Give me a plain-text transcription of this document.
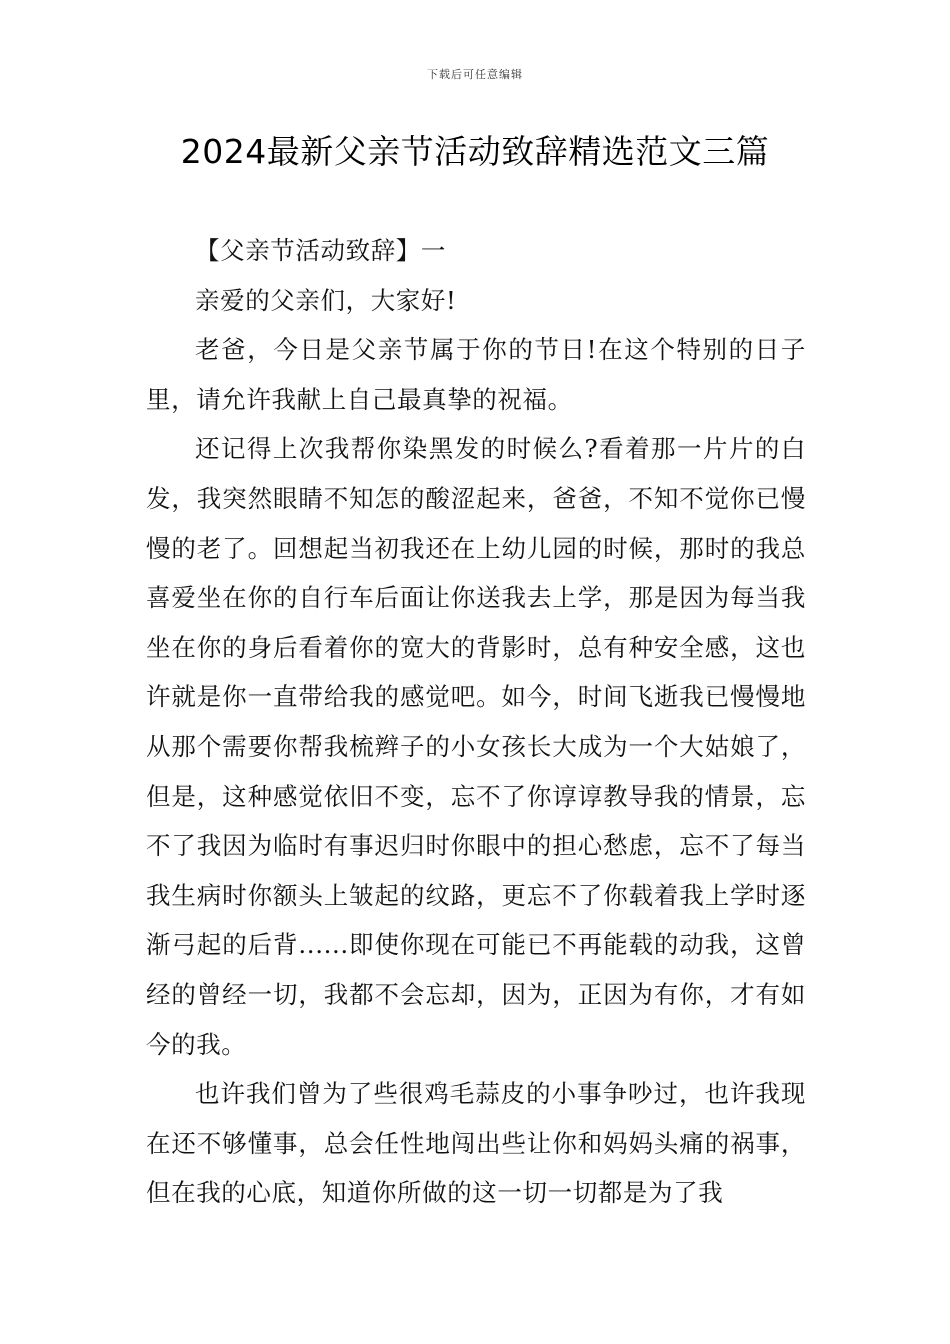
下载后可任意编辑
2024最新父亲节活动致辞精选范文三篇

【父亲节活动致辞】一

亲爱的父亲们，大家好!

老爸，今日是父亲节属于你的节日!在这个特别的日子里，请允许我献上自己最真挚的祝福。

还记得上次我帮你染黑发的时候么?看着那一片片的白发，我突然眼睛不知怎的酸涩起来，爸爸，不知不觉你已慢慢的老了。回想起当初我还在上幼儿园的时候，那时的我总喜爱坐在你的自行车后面让你送我去上学，那是因为每当我坐在你的身后看着你的宽大的背影时，总有种安全感，这也许就是你一直带给我的感觉吧。如今，时间飞逝我已慢慢地从那个需要你帮我梳辫子的小女孩长大成为一个大姑娘了，但是，这种感觉依旧不变，忘不了你谆谆教导我的情景，忘不了我因为临时有事迟归时你眼中的担心愁虑，忘不了每当我生病时你额头上皱起的纹路，更忘不了你载着我上学时逐渐弓起的后背......即使你现在可能已不再能载的动我，这曾经的曾经一切，我都不会忘却，因为，正因为有你，才有如今的我。

也许我们曾为了些很鸡毛蒜皮的小事争吵过，也许我现在还不够懂事，总会任性地闯出些让你和妈妈头痛的祸事，但在我的心底，知道你所做的这一切一切都是为了我
